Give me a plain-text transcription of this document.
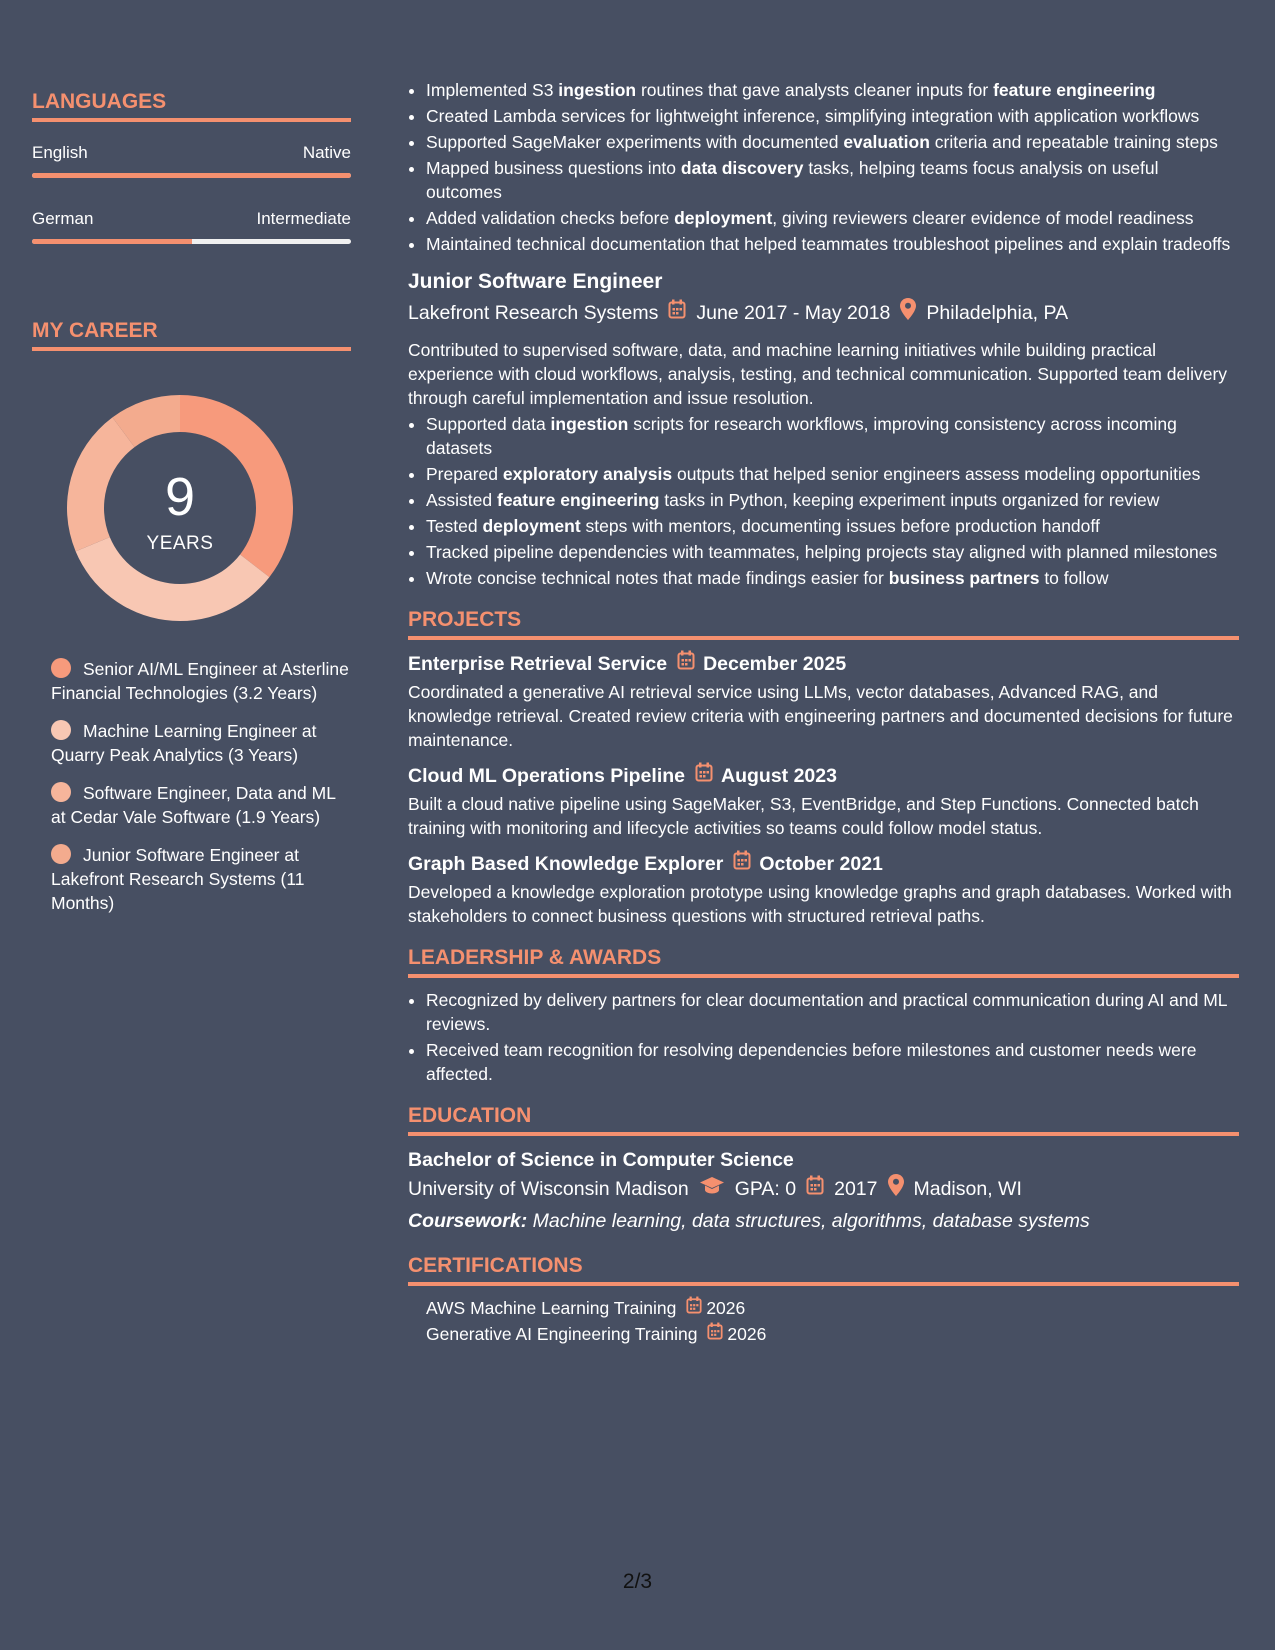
LANGUAGES
English	Native
German	Intermediate
MY CAREER
9
YEARS
Senior AI/ML Engineer at Asterline Financial Technologies (3.2 Years)
Machine Learning Engineer at Quarry Peak Analytics (3 Years)
Software Engineer, Data and ML at Cedar Vale Software (1.9 Years)
Junior Software Engineer at Lakefront Research Systems (11 Months)
• Implemented S3 ingestion routines that gave analysts cleaner inputs for feature engineering
• Created Lambda services for lightweight inference, simplifying integration with application workflows
• Supported SageMaker experiments with documented evaluation criteria and repeatable training steps
• Mapped business questions into data discovery tasks, helping teams focus analysis on useful outcomes
• Added validation checks before deployment, giving reviewers clearer evidence of model readiness
• Maintained technical documentation that helped teammates troubleshoot pipelines and explain tradeoffs
Junior Software Engineer
Lakefront Research Systems June 2017 - May 2018 Philadelphia, PA
Contributed to supervised software, data, and machine learning initiatives while building practical experience with cloud workflows, analysis, testing, and technical communication. Supported team delivery through careful implementation and issue resolution.
• Supported data ingestion scripts for research workflows, improving consistency across incoming datasets
• Prepared exploratory analysis outputs that helped senior engineers assess modeling opportunities
• Assisted feature engineering tasks in Python, keeping experiment inputs organized for review
• Tested deployment steps with mentors, documenting issues before production handoff
• Tracked pipeline dependencies with teammates, helping projects stay aligned with planned milestones
• Wrote concise technical notes that made findings easier for business partners to follow
PROJECTS
Enterprise Retrieval Service December 2025
Coordinated a generative AI retrieval service using LLMs, vector databases, Advanced RAG, and knowledge retrieval. Created review criteria with engineering partners and documented decisions for future maintenance.
Cloud ML Operations Pipeline August 2023
Built a cloud native pipeline using SageMaker, S3, EventBridge, and Step Functions. Connected batch training with monitoring and lifecycle activities so teams could follow model status.
Graph Based Knowledge Explorer October 2021
Developed a knowledge exploration prototype using knowledge graphs and graph databases. Worked with stakeholders to connect business questions with structured retrieval paths.
LEADERSHIP & AWARDS
• Recognized by delivery partners for clear documentation and practical communication during AI and ML reviews.
• Received team recognition for resolving dependencies before milestones and customer needs were affected.
EDUCATION
Bachelor of Science in Computer Science
University of Wisconsin Madison GPA: 0 2017 Madison, WI
Coursework: Machine learning, data structures, algorithms, database systems
CERTIFICATIONS
AWS Machine Learning Training 2026
Generative AI Engineering Training 2026
2/3
